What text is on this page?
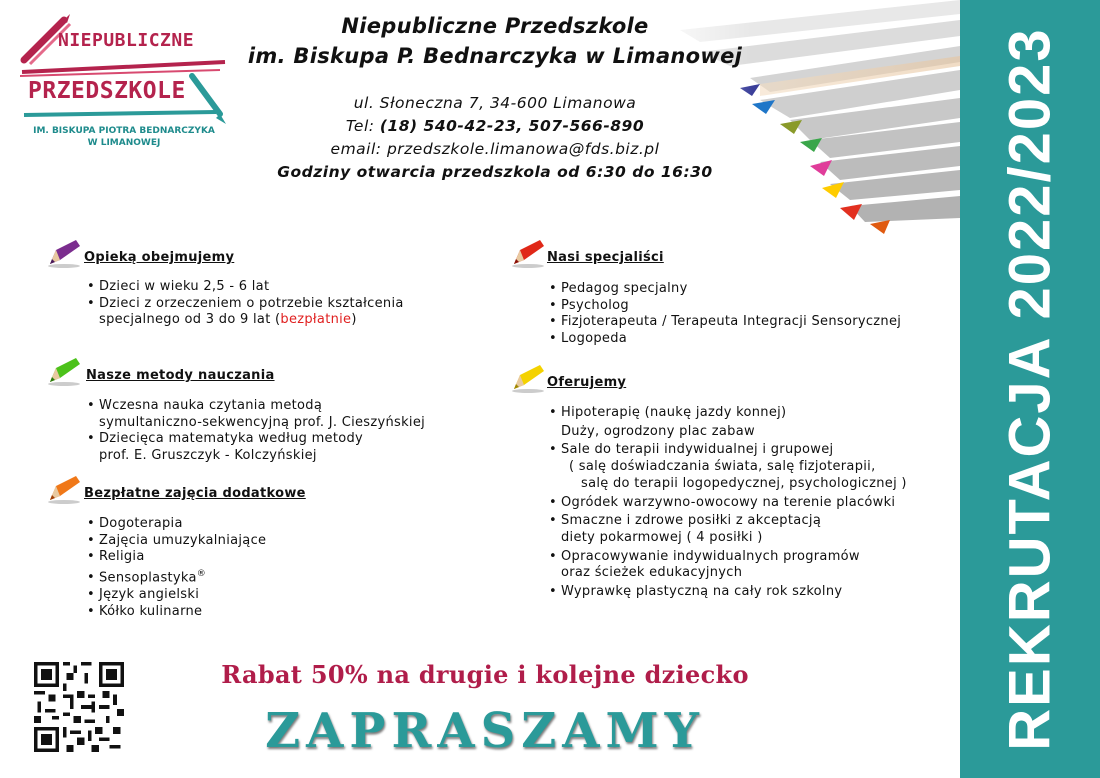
NIEPUBLICZNE
PRZEDSZKOLE
IM. BISKUPA PIOTRA BEDNARCZYKA
W LIMANOWEJ
Niepubliczne Przedszkole
im. Biskupa P. Bednarczyka w Limanowej
ul. Słoneczna 7, 34-600 Limanowa
Tel: (18) 540-42-23, 507-566-890
email: przedszkole.limanowa@fds.biz.pl
Godziny otwarcia przedszkola od 6:30 do 16:30	REKRUTACJA 2022/2023
Opieką obejmujemy
• Dzieci w wieku 2,5 - 6 lat
• Dzieci z orzeczeniem o potrzebie kształcenia
specjalnego od 3 do 9 lat (bezpłatnie)
Nasze metody nauczania
• Wczesna nauka czytania metodą
symultaniczno-sekwencyjną prof. J. Cieszyńskiej
• Dziecięca matematyka według metody
prof. E. Gruszczyk - Kolczyńskiej
Bezpłatne zajęcia dodatkowe
• Dogoterapia
• Zajęcia umuzykalniające
• Religia
• Sensoplastyka®
• Język angielski
• Kółko kulinarne
Nasi specjaliści
• Pedagog specjalny
• Psycholog
• Fizjoterapeuta / Terapeuta Integracji Sensorycznej
• Logopeda
Oferujemy
• Hipoterapię (naukę jazdy konnej)
Duży, ogrodzony plac zabaw
• Sale do terapii indywidualnej i grupowej
( salę doświadczania świata, salę fizjoterapii,
salę do terapii logopedycznej, psychologicznej )
• Ogródek warzywno-owocowy na terenie placówki
• Smaczne i zdrowe posiłki z akceptacją
diety pokarmowej ( 4 posiłki )
• Opracowywanie indywidualnych programów
oraz ścieżek edukacyjnych
• Wyprawkę plastyczną na cały rok szkolny
Rabat 50% na drugie i kolejne dziecko
ZAPRASZAMY
